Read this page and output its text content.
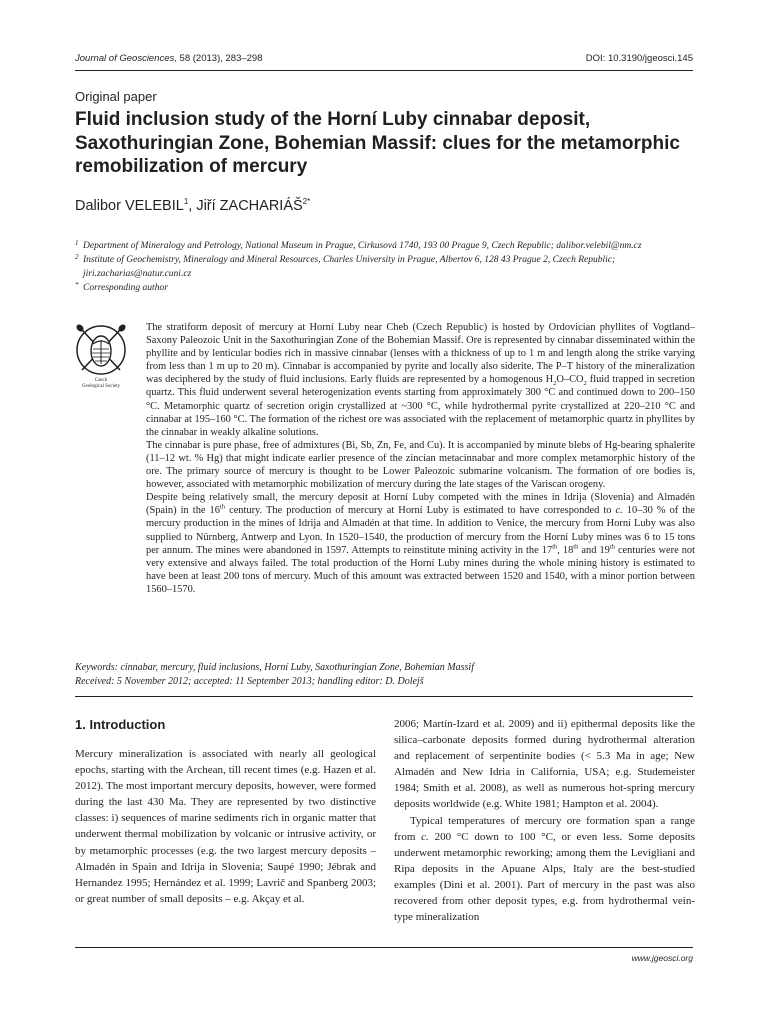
Journal of Geosciences, 58 (2013), 283–298	DOI: 10.3190/jgeosci.145
Original paper
Fluid inclusion study of the Horní Luby cinnabar deposit, Saxothuringian Zone, Bohemian Massif: clues for the metamorphic remobilization of mercury
Dalibor VELEBIL$^1$, Jiří $ZACHARIÁŠ^{2*}$
1 Department of Mineralogy and Petrology, National Museum in Prague, Cirkusová 1740, 193 00 Prague 9, Czech Republic; dalibor.velebil@nm.cz
2 Institute of Geochemistry, Mineralogy and Mineral Resources, Charles University in Prague, Albertov 6, 128 43 Prague 2, Czech Republic; jiri.zacharias@natur.cuni.cz
* Corresponding author
Czech
Geological Society

The stratiform deposit of mercury at Horní Luby near Cheb (Czech Republic) is hosted by Ordovician phyllites of Vogtland–Saxony Paleozoic Unit in the Saxothuringian Zone of the Bohemian Massif. Ore is represented by cinnabar disseminated within the phyllite and by lenticular bodies rich in massive cinnabar (lenses with a thickness of up to 1 m and length along the strike varying from less than 1 m up to 20 m). Cinnabar is accompanied by pyrite and locally also siderite. The P–T history of the mineralization was deciphered by the study of fluid inclusions. Early fluids are represented by a homogenous $H_2O-CO_2$ fluid trapped in secretion quartz. This fluid underwent several heterogenization events starting from approximately 300 °C and continued down to 200–150 °C. Metamorphic quartz of secretion origin crystallized at ~300 °C, while hydrothermal pyrite crystallized at 220–210 °C and cinnabar at 195–160 °C. The formation of the richest ore was associated with the replacement of metamorphic quartz in phyllites by the cinnabar in weakly alkaline solutions.

The cinnabar is pure phase, free of admixtures (Bi, Sb, Zn, Fe, and Cu). It is accompanied by minute blebs of Hg-bearing sphalerite (11–12 wt. % Hg) that might indicate earlier presence of the zincian metacinnabar and more complex metamorphic history of the ore. The primary source of mercury is thought to be Lower Paleozoic submarine volcanism. The formation of ore bodies is, however, associated with metamorphic mobilization of mercury during the late stages of the Variscan orogeny.

Despite being relatively small, the mercury deposit at Horní Luby competed with the mines in Idrija (Slovenia) and Almadén (Spain) in the 16th century. The production of mercury at Horní Luby is estimated to have corresponded to c. 10–30 % of the mercury production in the mines of Idrija and Almadén at that time. In addition to Venice, the mercury from Horní Luby was also supplied to Nürnberg, Antwerp and Lyon. In 1520–1540, the production of mercury from the Horní Luby mines was 6 to 15 tons per annum. The mines were abandoned in 1597. Attempts to reinstitute mining activity in the 17th, 18th and 19th centuries were not very extensive and always failed. The total production of the Horní Luby mines during the whole mining history is estimated to have been at least 200 tons of mercury. Much of this amount was extracted between 1520 and 1540, with a minor portion between 1560–1570.

Keywords: cinnabar, mercury, fluid inclusions, Horní Luby, Saxothuringian Zone, Bohemian Massif
Received: 5 November 2012; accepted: 11 September 2013; handling editor: D. Dolejš
1. Introduction

Mercury mineralization is associated with nearly all geological epochs, starting with the Archean, till recent times (e.g. Hazen et al. 2012). The most important mercury deposits, however, were formed during the last 430 Ma. They are represented by two distinctive classes: i) sequences of marine sediments rich in organic matter that underwent thermal mobilization by volcanic or intrusive activity, or by metamorphic processes (e.g. the two largest mercury deposits – Almadén in Spain and Idrija in Slovenia; Saupé 1990; Jébrak and Hernandez 1995; Hernández et al. 1999; Lavrič and Spanberg 2003; or great number of small deposits – e.g. Akçay et al.

2006; Martín-Izard et al. 2009) and ii) epithermal deposits like the silica–carbonate deposits formed during hydrothermal alteration and replacement of serpentinite bodies (< 5.3 Ma in age; New Almadén and New Idria in California, USA; e.g. Studemeister 1984; Smith et al. 2008), as well as numerous hot-spring mercury deposits worldwide (e.g. White 1981; Hampton et al. 2004).

Typical temperatures of mercury ore formation span a range from c. 200 °C down to 100 °C, or even less. Some deposits underwent metamorphic reworking; among them the Levigliani and Ripa deposits in the Apuane Alps, Italy are the best-studied examples (Dini et al. 2001). Part of mercury in the past was also recovered from other deposit types, e.g. from hydrothermal vein-type mineralization

www.jgeosci.org
